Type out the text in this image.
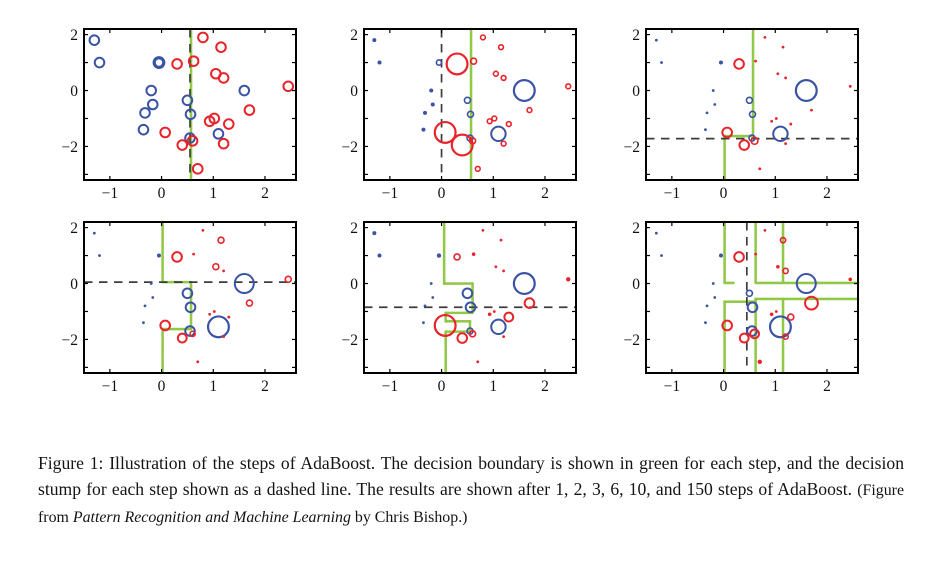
−1	0	1	2
2
0
−2
−1	0	1	2
2
0
−2
−1	0	1	2
2
0
−2
−1	0	1	2
2
0
−2
−1	0	1	2
2
0
−2
−1	0	1	2
2
0
−2

Figure 1: Illustration of the steps of AdaBoost. The decision boundary is shown in green for each step, and the decision stump for each step shown as a dashed line. The results are shown after 1, 2, 3, 6, 10, and 150 steps of AdaBoost. (Figure from Pattern Recognition and Machine Learning by Chris Bishop.)
